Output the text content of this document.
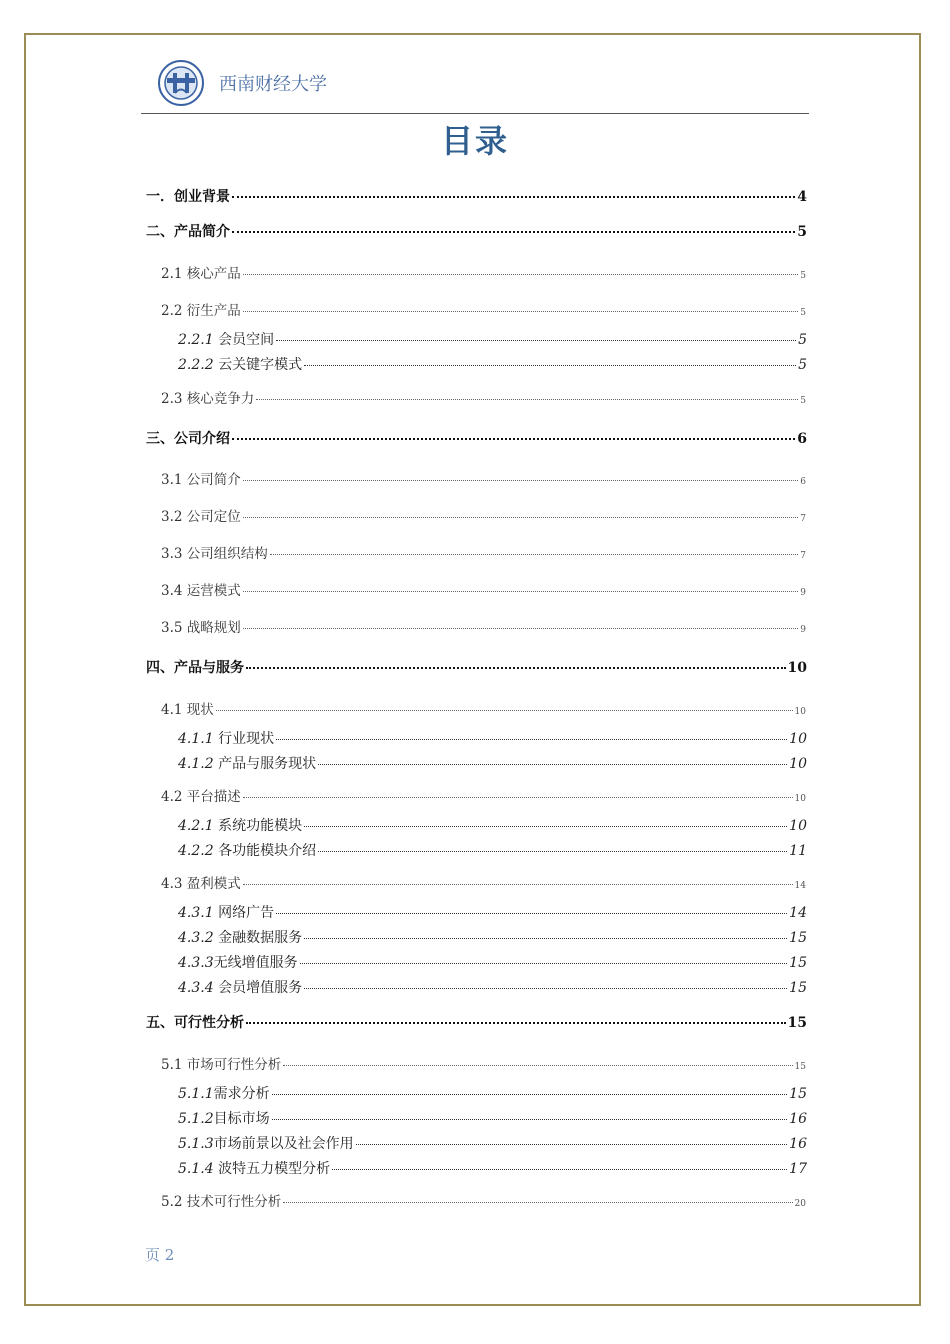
西南财经大学
目录
一．创业背景	4
二、产品简介	5
2.1 核心产品	5
2.2 衍生产品	5
2.2.1 会员空间	5
2.2.2 云关键字模式	5
2.3 核心竞争力	5
三、公司介绍	6
3.1 公司简介	6
3.2 公司定位	7
3.3 公司组织结构	7
3.4 运营模式	9
3.5 战略规划	9
四、产品与服务	10
4.1 现状	10
4.1.1 行业现状	10
4.1.2 产品与服务现状	10
4.2 平台描述	10
4.2.1 系统功能模块	10
4.2.2 各功能模块介绍	11
4.3 盈利模式	14
4.3.1 网络广告	14
4.3.2 金融数据服务	15
4.3.3无线增值服务	15
4.3.4 会员增值服务	15
五、可行性分析	15
5.1 市场可行性分析	15
5.1.1需求分析	15
5.1.2目标市场	16
5.1.3市场前景以及社会作用	16
5.1.4 波特五力模型分析	17
5.2 技术可行性分析	20
页 2
